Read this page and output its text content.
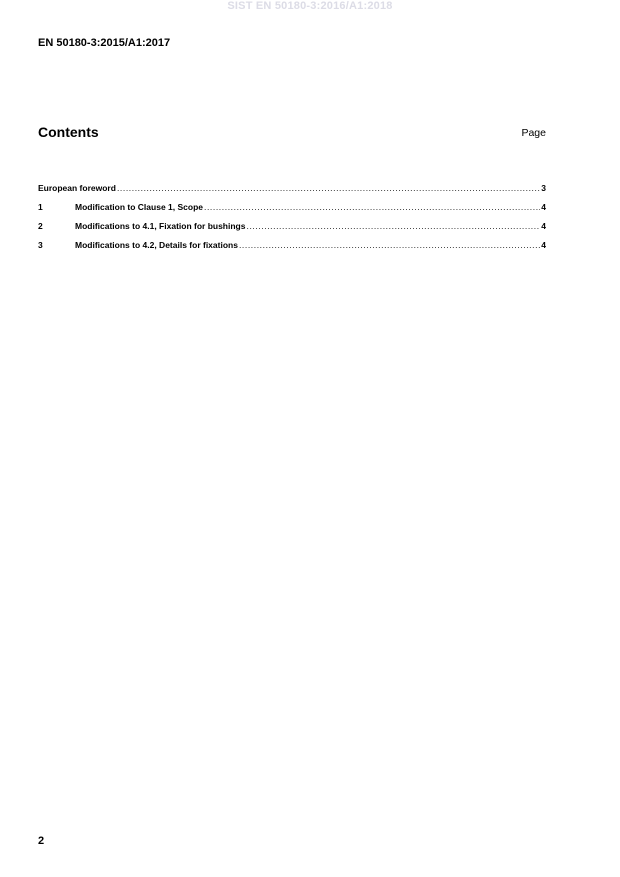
SIST EN 50180-3:2016/A1:2018
EN 50180-3:2015/A1:2017
Contents	Page
European foreword .....	3
1	Modification to Clause 1, Scope .....	4
2	Modifications to 4.1, Fixation for bushings .....	4
3	Modifications to 4.2, Details for fixations .....	4
2
